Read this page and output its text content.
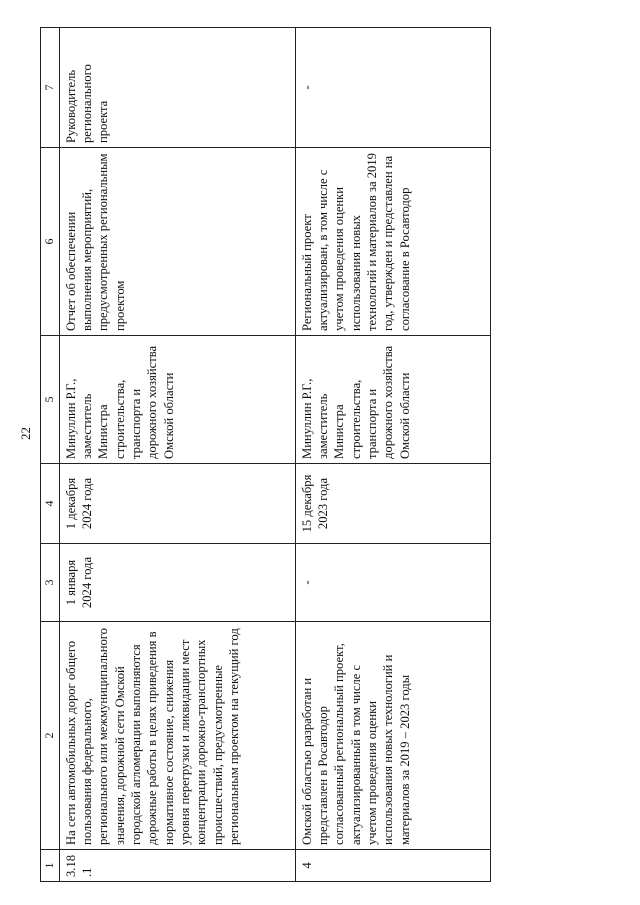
22
1	2	3	4	5	6	7
3.18.1	На сети автомобильных дорог общего пользования федерального, регионального или межмуниципального значения, дорожной сети Омской городской агломерации выполняются дорожные работы в целях приведения в нормативное состояние, снижения уровня перегрузки и ликвидации мест концентрации дорожно-транспортных происшествий, предусмотренные региональным проектом на текущий год	1 января 2024 года	1 декабря 2024 года	Минуллин Р.Г., заместитель Министра строительства, транспорта и дорожного хозяйства Омской области	Отчет об обеспечении выполнения мероприятий, предусмотренных региональным проектом	Руководитель регионального проекта
4	Омской областью разработан и представлен в Росавтодор согласованный региональный проект, актуализированный в том числе с учетом проведения оценки использования новых технологий и материалов за 2019 – 2023 годы	-	15 декабря 2023 года	Минуллин Р.Г., заместитель Министра строительства, транспорта и дорожного хозяйства Омской области	Региональный проект актуализирован, в том числе с учетом проведения оценки использования новых технологий и материалов за 2019 год, утвержден и представлен на согласование в Росавтодор	-
